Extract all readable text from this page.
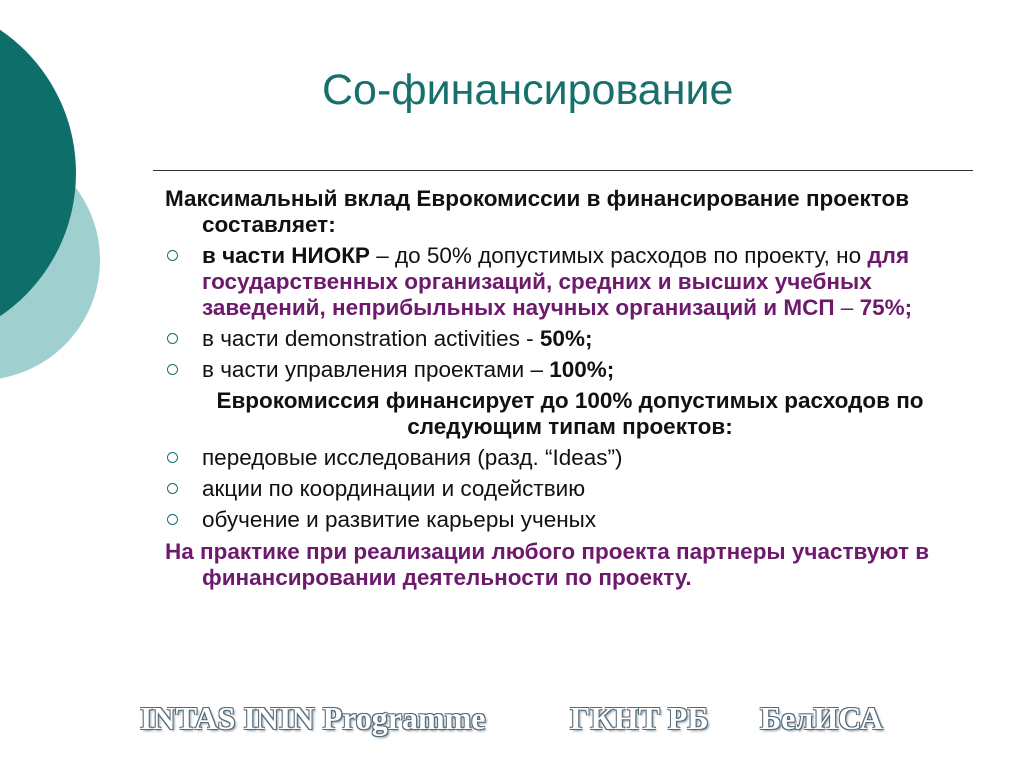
Со-финансирование
Максимальный вклад Еврокомиссии в финансирование проектов составляет:
в части НИОКР – до 50% допустимых расходов по проекту, но для государственных организаций, средних и высших учебных заведений, неприбыльных научных организаций и МСП – 75%;
в части demonstration activities - 50%;
в части управления проектами – 100%;
Еврокомиссия финансирует до 100% допустимых расходов по следующим типам проектов:
передовые исследования (разд. “Ideas”)
акции по координации и содействию
обучение и развитие карьеры ученых
На практике при реализации любого проекта партнеры участвуют в финансировании деятельности по проекту.
INTAS ININ Programme	ГКНТ РБ БелИСА
